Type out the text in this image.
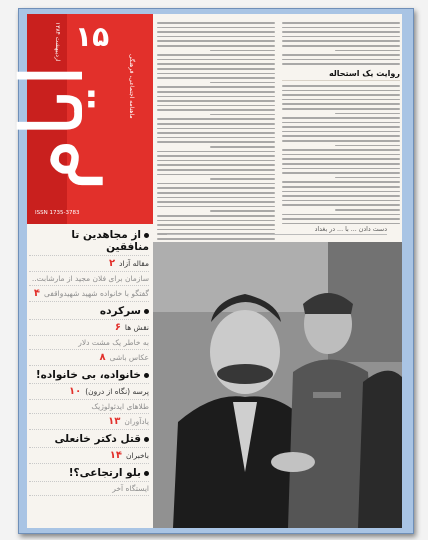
اردیبهشت ۱۳۸۴ ۱۵
ایام	ماهنامه اجتماعی، فرهنگی
ISSN 1735-3783
از مجاهدین تا منافقین
مقاله آزاد۲
سازمان برای فلان مجید از مارشابت..
گفتگو با خانواده شهید شهیدواقفی۴
سرکرده
نقش ها۶
به خاطر یک مشت دلار
عکاس باشی۸
خانواده، بی خانواده!
پرسه (نگاه از درون)۱۰
طلاهای ایدئولوژیک
یادآوران۱۳
قتل دکتر خانعلی
باخبران۱۴
بلو ارتجاعی؟!
ایستگاه آخر
روایت یک استحاله
دست دادن ... با ... در بغداد
